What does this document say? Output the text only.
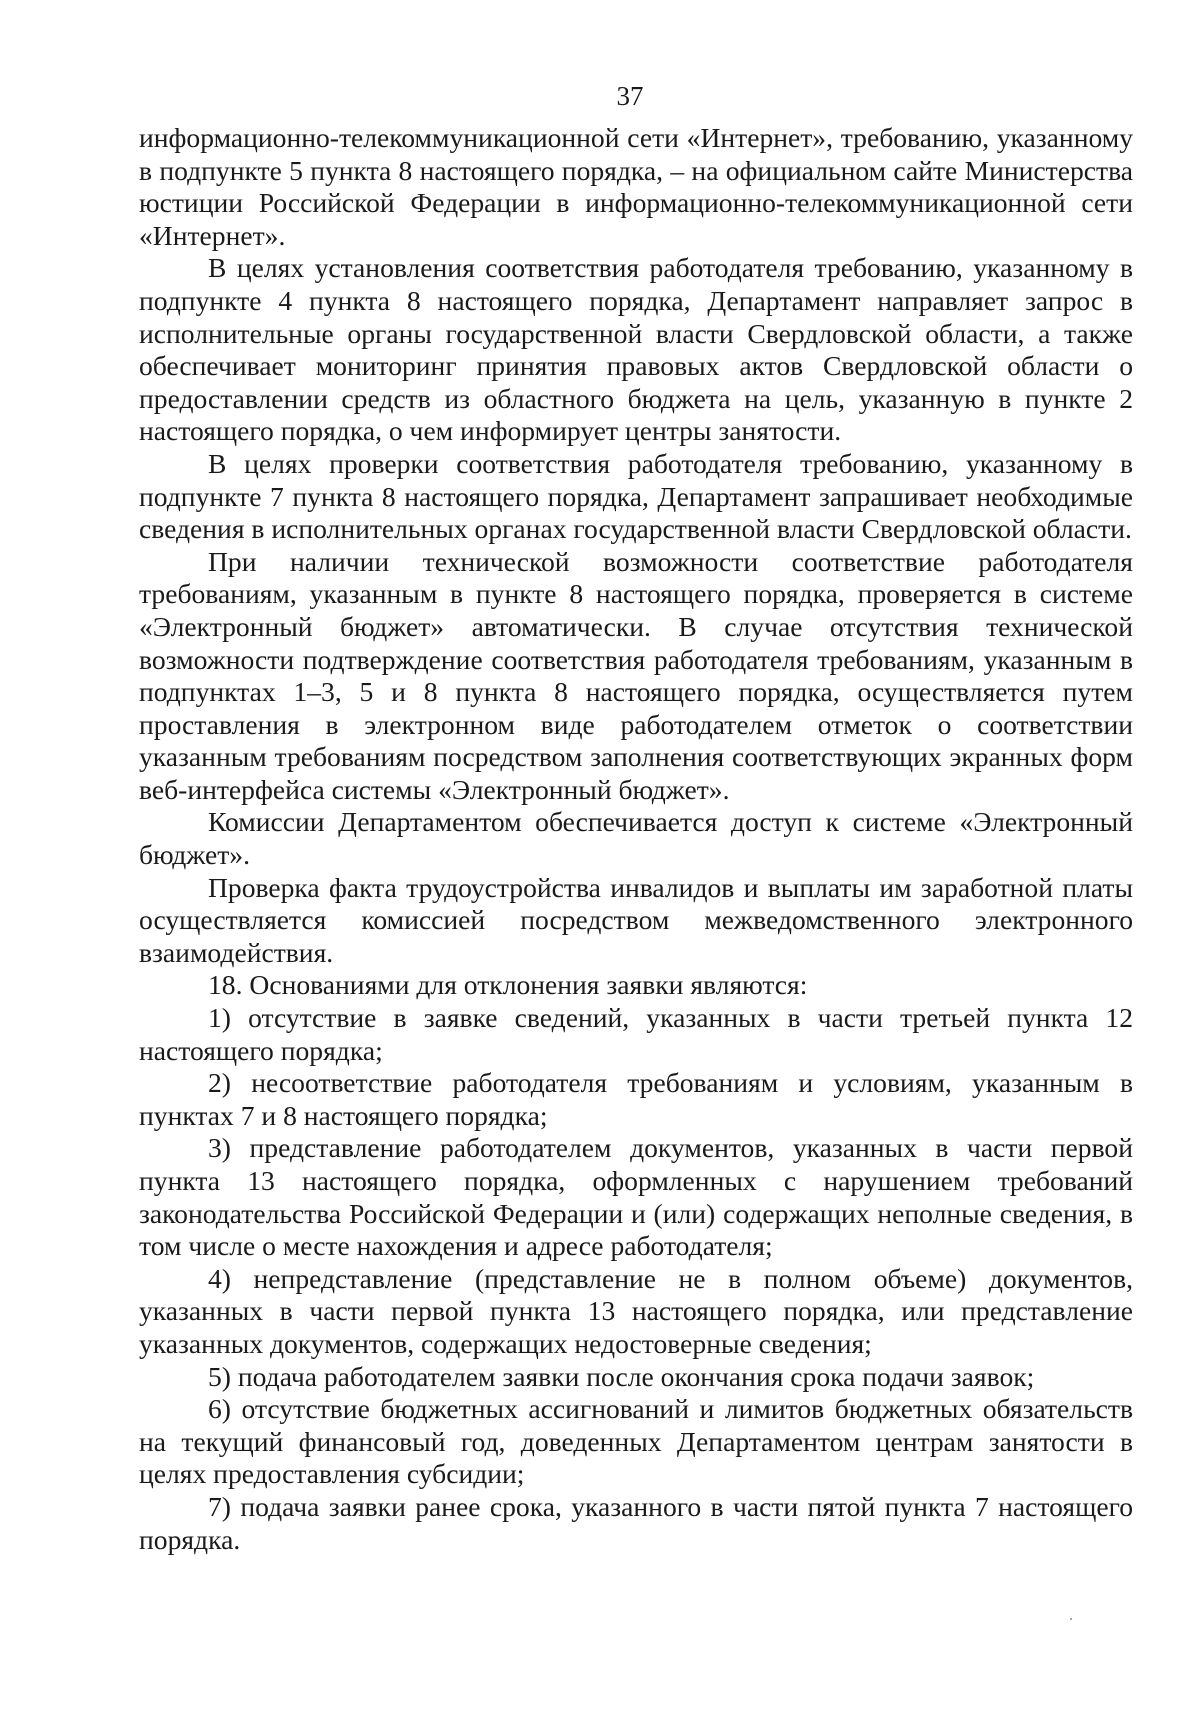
37

информационно-телекоммуникационной сети «Интернет», требованию, указанному в подпункте 5 пункта 8 настоящего порядка, – на официальном сайте Министерства юстиции Российской Федерации в информационно-телекоммуникационной сети «Интернет».

В целях установления соответствия работодателя требованию, указанному в подпункте 4 пункта 8 настоящего порядка, Департамент направляет запрос в исполнительные органы государственной власти Свердловской области, а также обеспечивает мониторинг принятия правовых актов Свердловской области о предоставлении средств из областного бюджета на цель, указанную в пункте 2 настоящего порядка, о чем информирует центры занятости.

В целях проверки соответствия работодателя требованию, указанному в подпункте 7 пункта 8 настоящего порядка, Департамент запрашивает необходимые сведения в исполнительных органах государственной власти Свердловской области.

При наличии технической возможности соответствие работодателя требованиям, указанным в пункте 8 настоящего порядка, проверяется в системе «Электронный бюджет» автоматически. В случае отсутствия технической возможности подтверждение соответствия работодателя требованиям, указанным в подпунктах 1–3, 5 и 8 пункта 8 настоящего порядка, осуществляется путем проставления в электронном виде работодателем отметок о соответствии указанным требованиям посредством заполнения соответствующих экранных форм веб-интерфейса системы «Электронный бюджет».

Комиссии Департаментом обеспечивается доступ к системе «Электронный бюджет».

Проверка факта трудоустройства инвалидов и выплаты им заработной платы осуществляется комиссией посредством межведомственного электронного взаимодействия.

18. Основаниями для отклонения заявки являются:

1) отсутствие в заявке сведений, указанных в части третьей пункта 12 настоящего порядка;

2) несоответствие работодателя требованиям и условиям, указанным в пунктах 7 и 8 настоящего порядка;

3) представление работодателем документов, указанных в части первой пункта 13 настоящего порядка, оформленных с нарушением требований законодательства Российской Федерации и (или) содержащих неполные сведения, в том числе о месте нахождения и адресе работодателя;

4) непредставление (представление не в полном объеме) документов, указанных в части первой пункта 13 настоящего порядка, или представление указанных документов, содержащих недостоверные сведения;

5) подача работодателем заявки после окончания срока подачи заявок;

6) отсутствие бюджетных ассигнований и лимитов бюджетных обязательств на текущий финансовый год, доведенных Департаментом центрам занятости в целях предоставления субсидии;

7) подача заявки ранее срока, указанного в части пятой пункта 7 настоящего порядка.
